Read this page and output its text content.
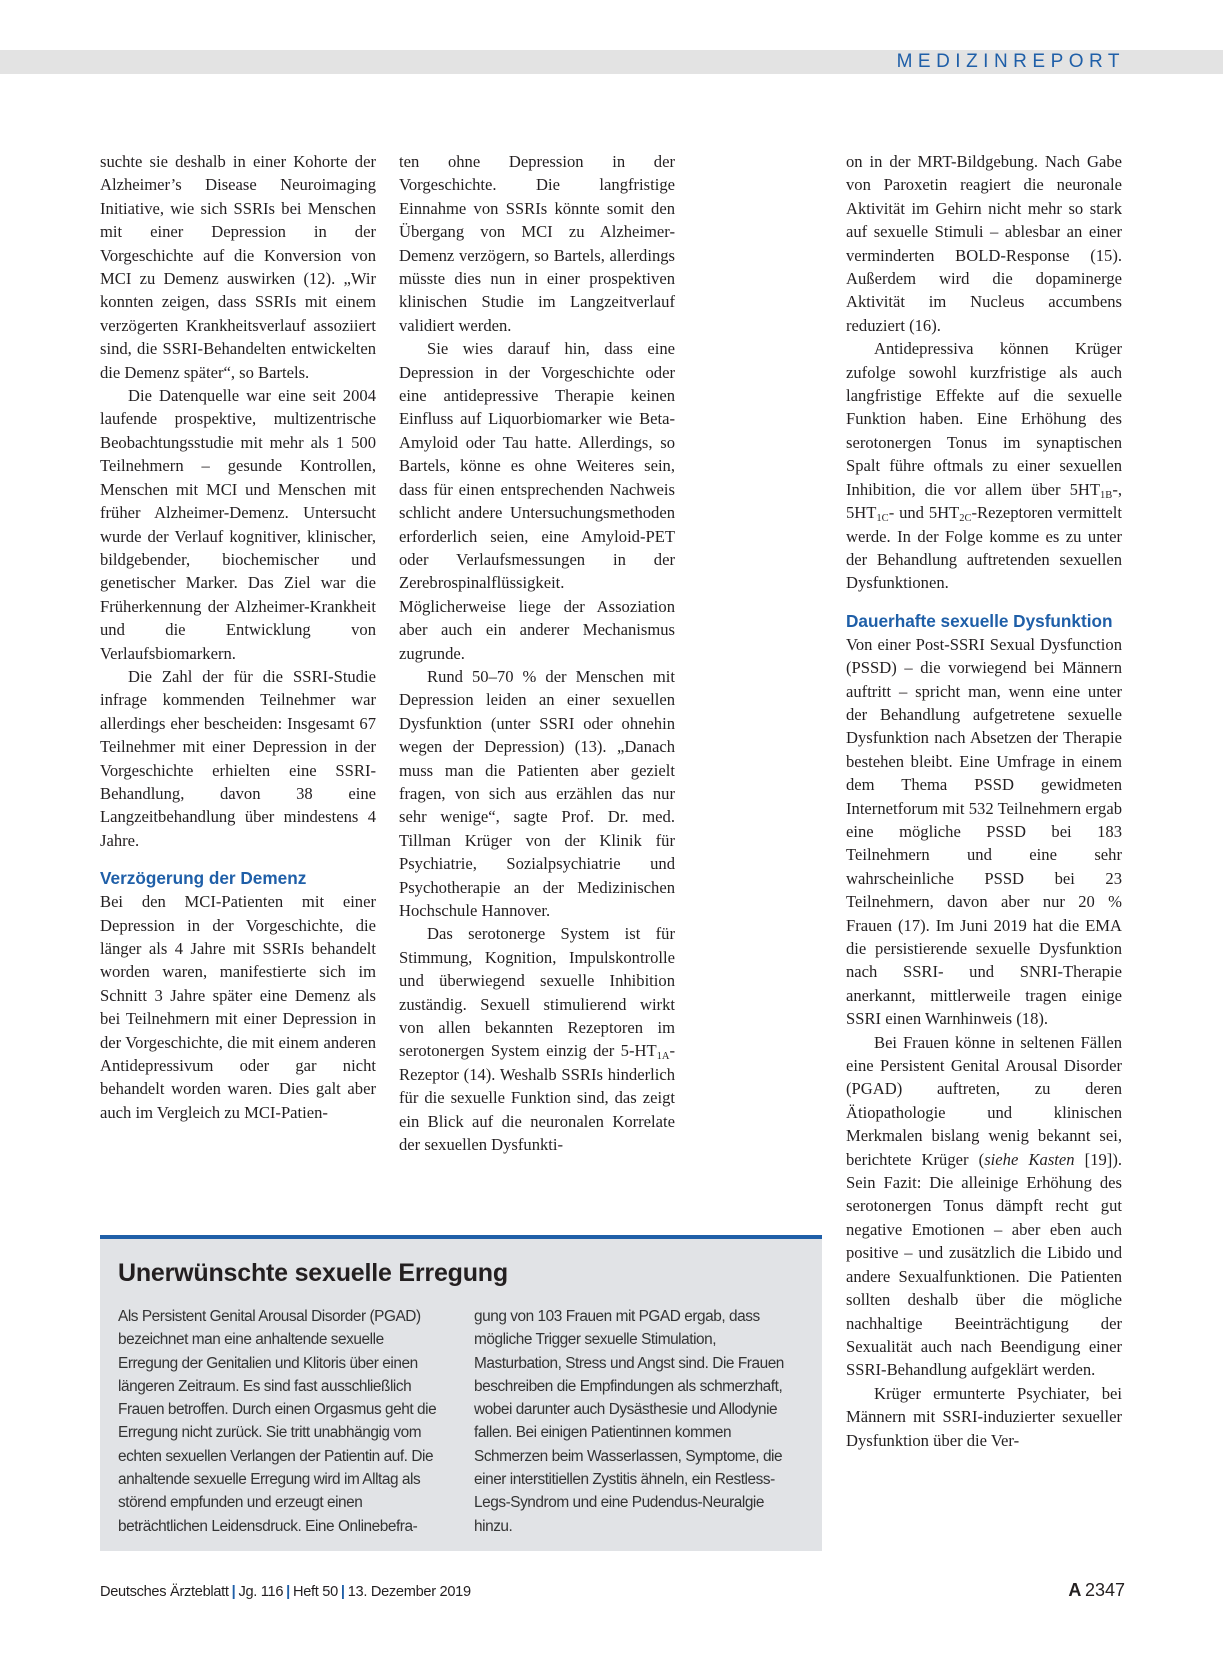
MEDIZINREPORT

suchte sie deshalb in einer Kohorte der Alzheimer’s Disease Neuroimaging Initiative, wie sich SSRIs bei Menschen mit einer Depression in der Vorgeschichte auf die Konversion von MCI zu Demenz auswirken (12). „Wir konnten zeigen, dass SSRIs mit einem verzögerten Krankheitsverlauf assoziiert sind, die SSRI-Behandelten entwickelten die Demenz später“, so Bartels.

Die Datenquelle war eine seit 2004 laufende prospektive, multizentrische Beobachtungsstudie mit mehr als 1 500 Teilnehmern – gesunde Kontrollen, Menschen mit MCI und Menschen mit früher Alzheimer-Demenz. Untersucht wurde der Verlauf kognitiver, klinischer, bildgebender, biochemischer und genetischer Marker. Das Ziel war die Früherkennung der Alzheimer-Krankheit und die Entwicklung von Verlaufsbiomarkern.

Die Zahl der für die SSRI-Studie infrage kommenden Teilnehmer war allerdings eher bescheiden: Insgesamt 67 Teilnehmer mit einer Depression in der Vorgeschichte erhielten eine SSRI-Behandlung, davon 38 eine Langzeitbehandlung über mindestens 4 Jahre.

Verzögerung der Demenz

Bei den MCI-Patienten mit einer Depression in der Vorgeschichte, die länger als 4 Jahre mit SSRIs behandelt worden waren, manifestierte sich im Schnitt 3 Jahre später eine Demenz als bei Teilnehmern mit einer Depression in der Vorgeschichte, die mit einem anderen Antidepressivum oder gar nicht behandelt worden waren. Dies galt aber auch im Vergleich zu MCI-Patien-

ten ohne Depression in der Vorgeschichte. Die langfristige Einnahme von SSRIs könnte somit den Übergang von MCI zu Alzheimer-Demenz verzögern, so Bartels, allerdings müsste dies nun in einer prospektiven klinischen Studie im Langzeitverlauf validiert werden.

Sie wies darauf hin, dass eine Depression in der Vorgeschichte oder eine antidepressive Therapie keinen Einfluss auf Liquorbiomarker wie Beta-Amyloid oder Tau hatte. Allerdings, so Bartels, könne es ohne Weiteres sein, dass für einen entsprechenden Nachweis schlicht andere Untersuchungsmethoden erforderlich seien, eine Amyloid-PET oder Verlaufsmessungen in der Zerebrospinalflüssigkeit. Möglicherweise liege der Assoziation aber auch ein anderer Mechanismus zugrunde.

Rund 50–70 % der Menschen mit Depression leiden an einer sexuellen Dysfunktion (unter SSRI oder ohnehin wegen der Depression) (13). „Danach muss man die Patienten aber gezielt fragen, von sich aus erzählen das nur sehr wenige“, sagte Prof. Dr. med. Tillman Krüger von der Klinik für Psychiatrie, Sozialpsychiatrie und Psychotherapie an der Medizinischen Hochschule Hannover.

Das serotonerge System ist für Stimmung, Kognition, Impulskontrolle und überwiegend sexuelle Inhibition zuständig. Sexuell stimulierend wirkt von allen bekannten Rezeptoren im serotonergen System einzig der $5-HT_{1A}$-Rezeptor (14). Weshalb SSRIs hinderlich für die sexuelle Funktion sind, das zeigt ein Blick auf die neuronalen Korrelate der sexuellen Dysfunkti-

on in der MRT-Bildgebung. Nach Gabe von Paroxetin reagiert die neuronale Aktivität im Gehirn nicht mehr so stark auf sexuelle Stimuli – ablesbar an einer verminderten BOLD-Response (15). Außerdem wird die dopaminerge Aktivität im Nucleus accumbens reduziert (16).

Antidepressiva können Krüger zufolge sowohl kurzfristige als auch langfristige Effekte auf die sexuelle Funktion haben. Eine Erhöhung des serotonergen Tonus im synaptischen Spalt führe oftmals zu einer sexuellen Inhibition, die vor allem über $5HT_{1B}-$, $5HT_{1C}-$ und $5HT_{2C}$-Rezeptoren vermittelt werde. In der Folge komme es zu unter der Behandlung auftretenden sexuellen Dysfunktionen.

Dauerhafte sexuelle Dysfunktion

Von einer Post-SSRI Sexual Dysfunction (PSSD) – die vorwiegend bei Männern auftritt – spricht man, wenn eine unter der Behandlung aufgetretene sexuelle Dysfunktion nach Absetzen der Therapie bestehen bleibt. Eine Umfrage in einem dem Thema PSSD gewidmeten Internetforum mit 532 Teilnehmern ergab eine mögliche PSSD bei 183 Teilnehmern und eine sehr wahrscheinliche PSSD bei 23 Teilnehmern, davon aber nur 20 % Frauen (17). Im Juni 2019 hat die EMA die persistierende sexuelle Dysfunktion nach SSRI- und SNRI-Therapie anerkannt, mittlerweile tragen einige SSRI einen Warnhinweis (18).

Bei Frauen könne in seltenen Fällen eine Persistent Genital Arousal Disorder (PGAD) auftreten, zu deren Ätiopathologie und klinischen Merkmalen bislang wenig bekannt sei, berichtete Krüger (siehe Kasten [19]). Sein Fazit: Die alleinige Erhöhung des serotonergen Tonus dämpft recht gut negative Emotionen – aber eben auch positive – und zusätzlich die Libido und andere Sexualfunktionen. Die Patienten sollten deshalb über die mögliche nachhaltige Beeinträchtigung der Sexualität auch nach Beendigung einer SSRI-Behandlung aufgeklärt werden.

Krüger ermunterte Psychiater, bei Männern mit SSRI-induzierter sexueller Dysfunktion über die Ver-

Unerwünschte sexuelle Erregung
Als Persistent Genital Arousal Disorder (PGAD) bezeichnet man eine anhaltende sexuelle Erregung der Genitalien und Klitoris über einen längeren Zeitraum. Es sind fast ausschließlich Frauen betroffen. Durch einen Orgasmus geht die Erregung nicht zurück. Sie tritt unabhängig vom echten sexuellen Verlangen der Patientin auf. Die anhaltende sexuelle Erregung wird im Alltag als störend empfunden und erzeugt einen beträchtlichen Leidensdruck. Eine Onlinebefra-
gung von 103 Frauen mit PGAD ergab, dass mögliche Trigger sexuelle Stimulation, Masturbation, Stress und Angst sind. Die Frauen beschreiben die Empfindungen als schmerzhaft, wobei darunter auch Dysästhesie und Allodynie fallen. Bei einigen Patientinnen kommen Schmerzen beim Wasserlassen, Symptome, die einer interstitiellen Zystitis ähneln, ein Restless-Legs-Syndrom und eine Pudendus-Neuralgie hinzu.
Deutsches Ärzteblatt | Jg. 116 | Heft 50 | 13. Dezember 2019	A  2347
